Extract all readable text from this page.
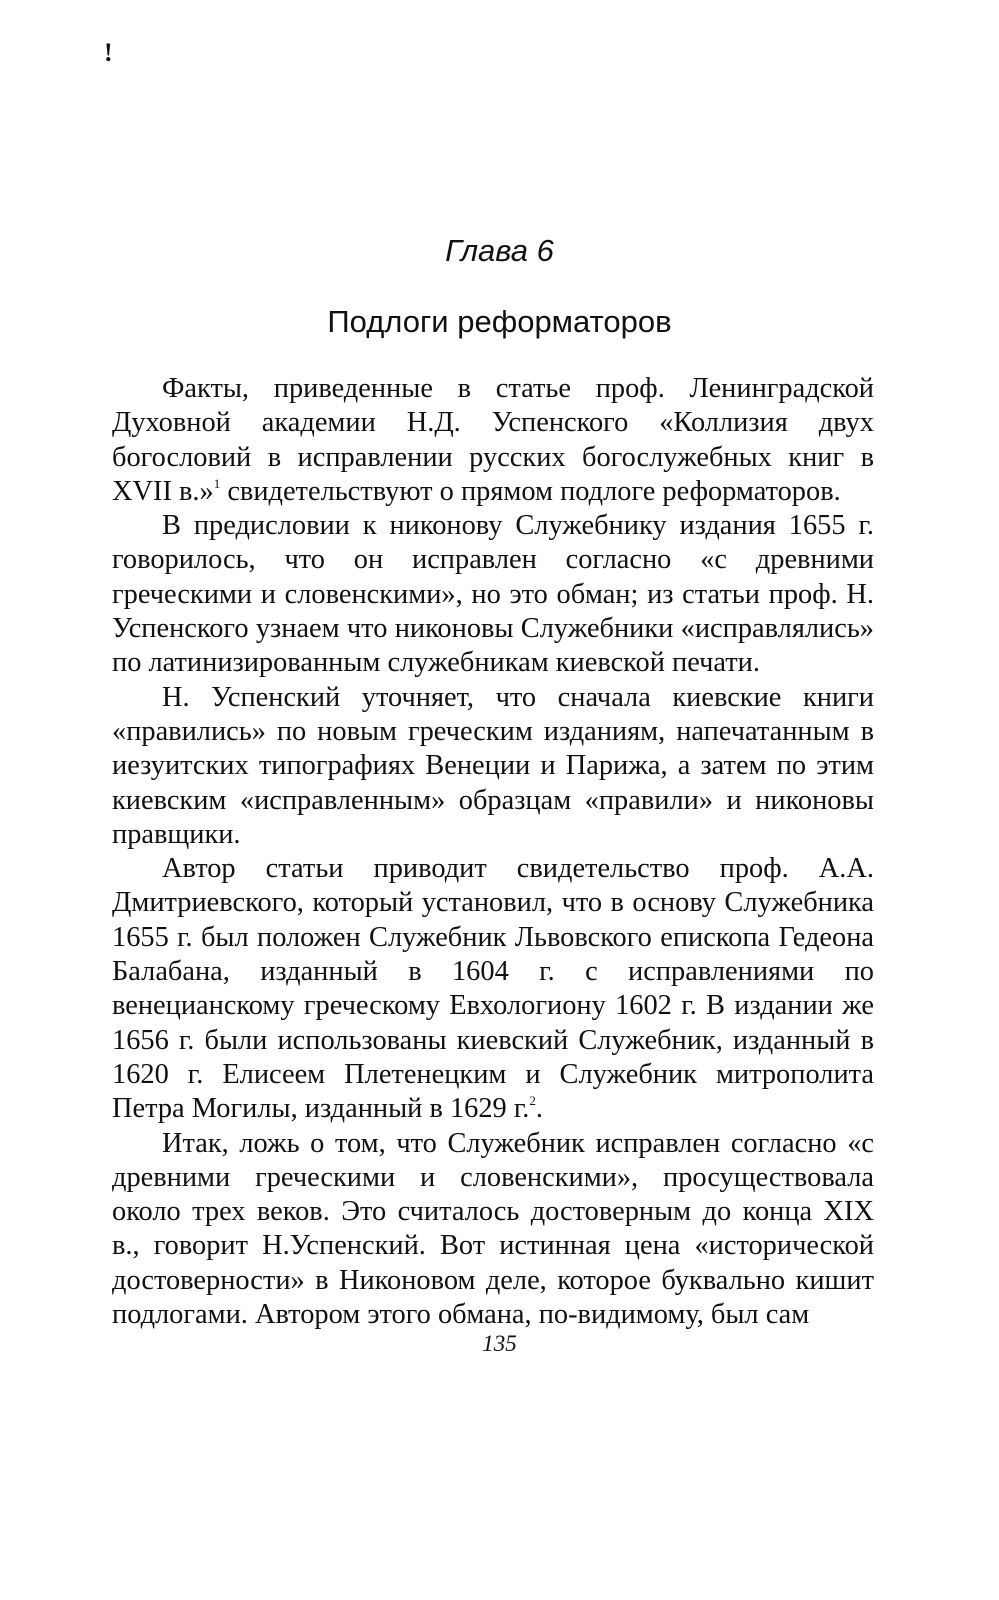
!
Глава 6
Подлоги реформаторов

Факты, приведенные в статье проф. Ленинградской Духовной академии Н.Д. Успенского «Коллизия двух богословий в исправлении русских богослужебных книг в XVII в.»$^1$ свидетельствуют о прямом подлоге реформаторов.

В предисловии к никонову Служебнику издания 1655 г. говорилось, что он исправлен согласно «с древними греческими и словенскими», но это обман; из статьи проф. Н. Успенского узнаем что никоновы Служебники «исправлялись» по латинизированным служебникам киевской печати.

Н. Успенский уточняет, что сначала киевские книги «правились» по новым греческим изданиям, напечатанным в иезуитских типографиях Венеции и Парижа, а затем по этим киевским «исправленным» образцам «правили» и никоновы правщики.

Автор статьи приводит свидетельство проф. А.А. Дмитриевского, который установил, что в основу Служебника 1655 г. был положен Служебник Львовского епископа Гедеона Балабана, изданный в 1604 г. с исправлениями по венецианскому греческому Евхологиону 1602 г. В издании же 1656 г. были использованы киевский Служебник, изданный в 1620 г. Елисеем Плетенецким и Служебник митрополита Петра Могилы, изданный в 1629 г.$^2$.

Итак, ложь о том, что Служебник исправлен согласно «с древними греческими и словенскими», просуществовала около трех веков. Это считалось достоверным до конца XIX в., говорит Н.Успенский. Вот истинная цена «исторической достоверности» в Никоновом деле, которое буквально кишит подлогами. Автором этого обмана, по-видимому, был сам

135
